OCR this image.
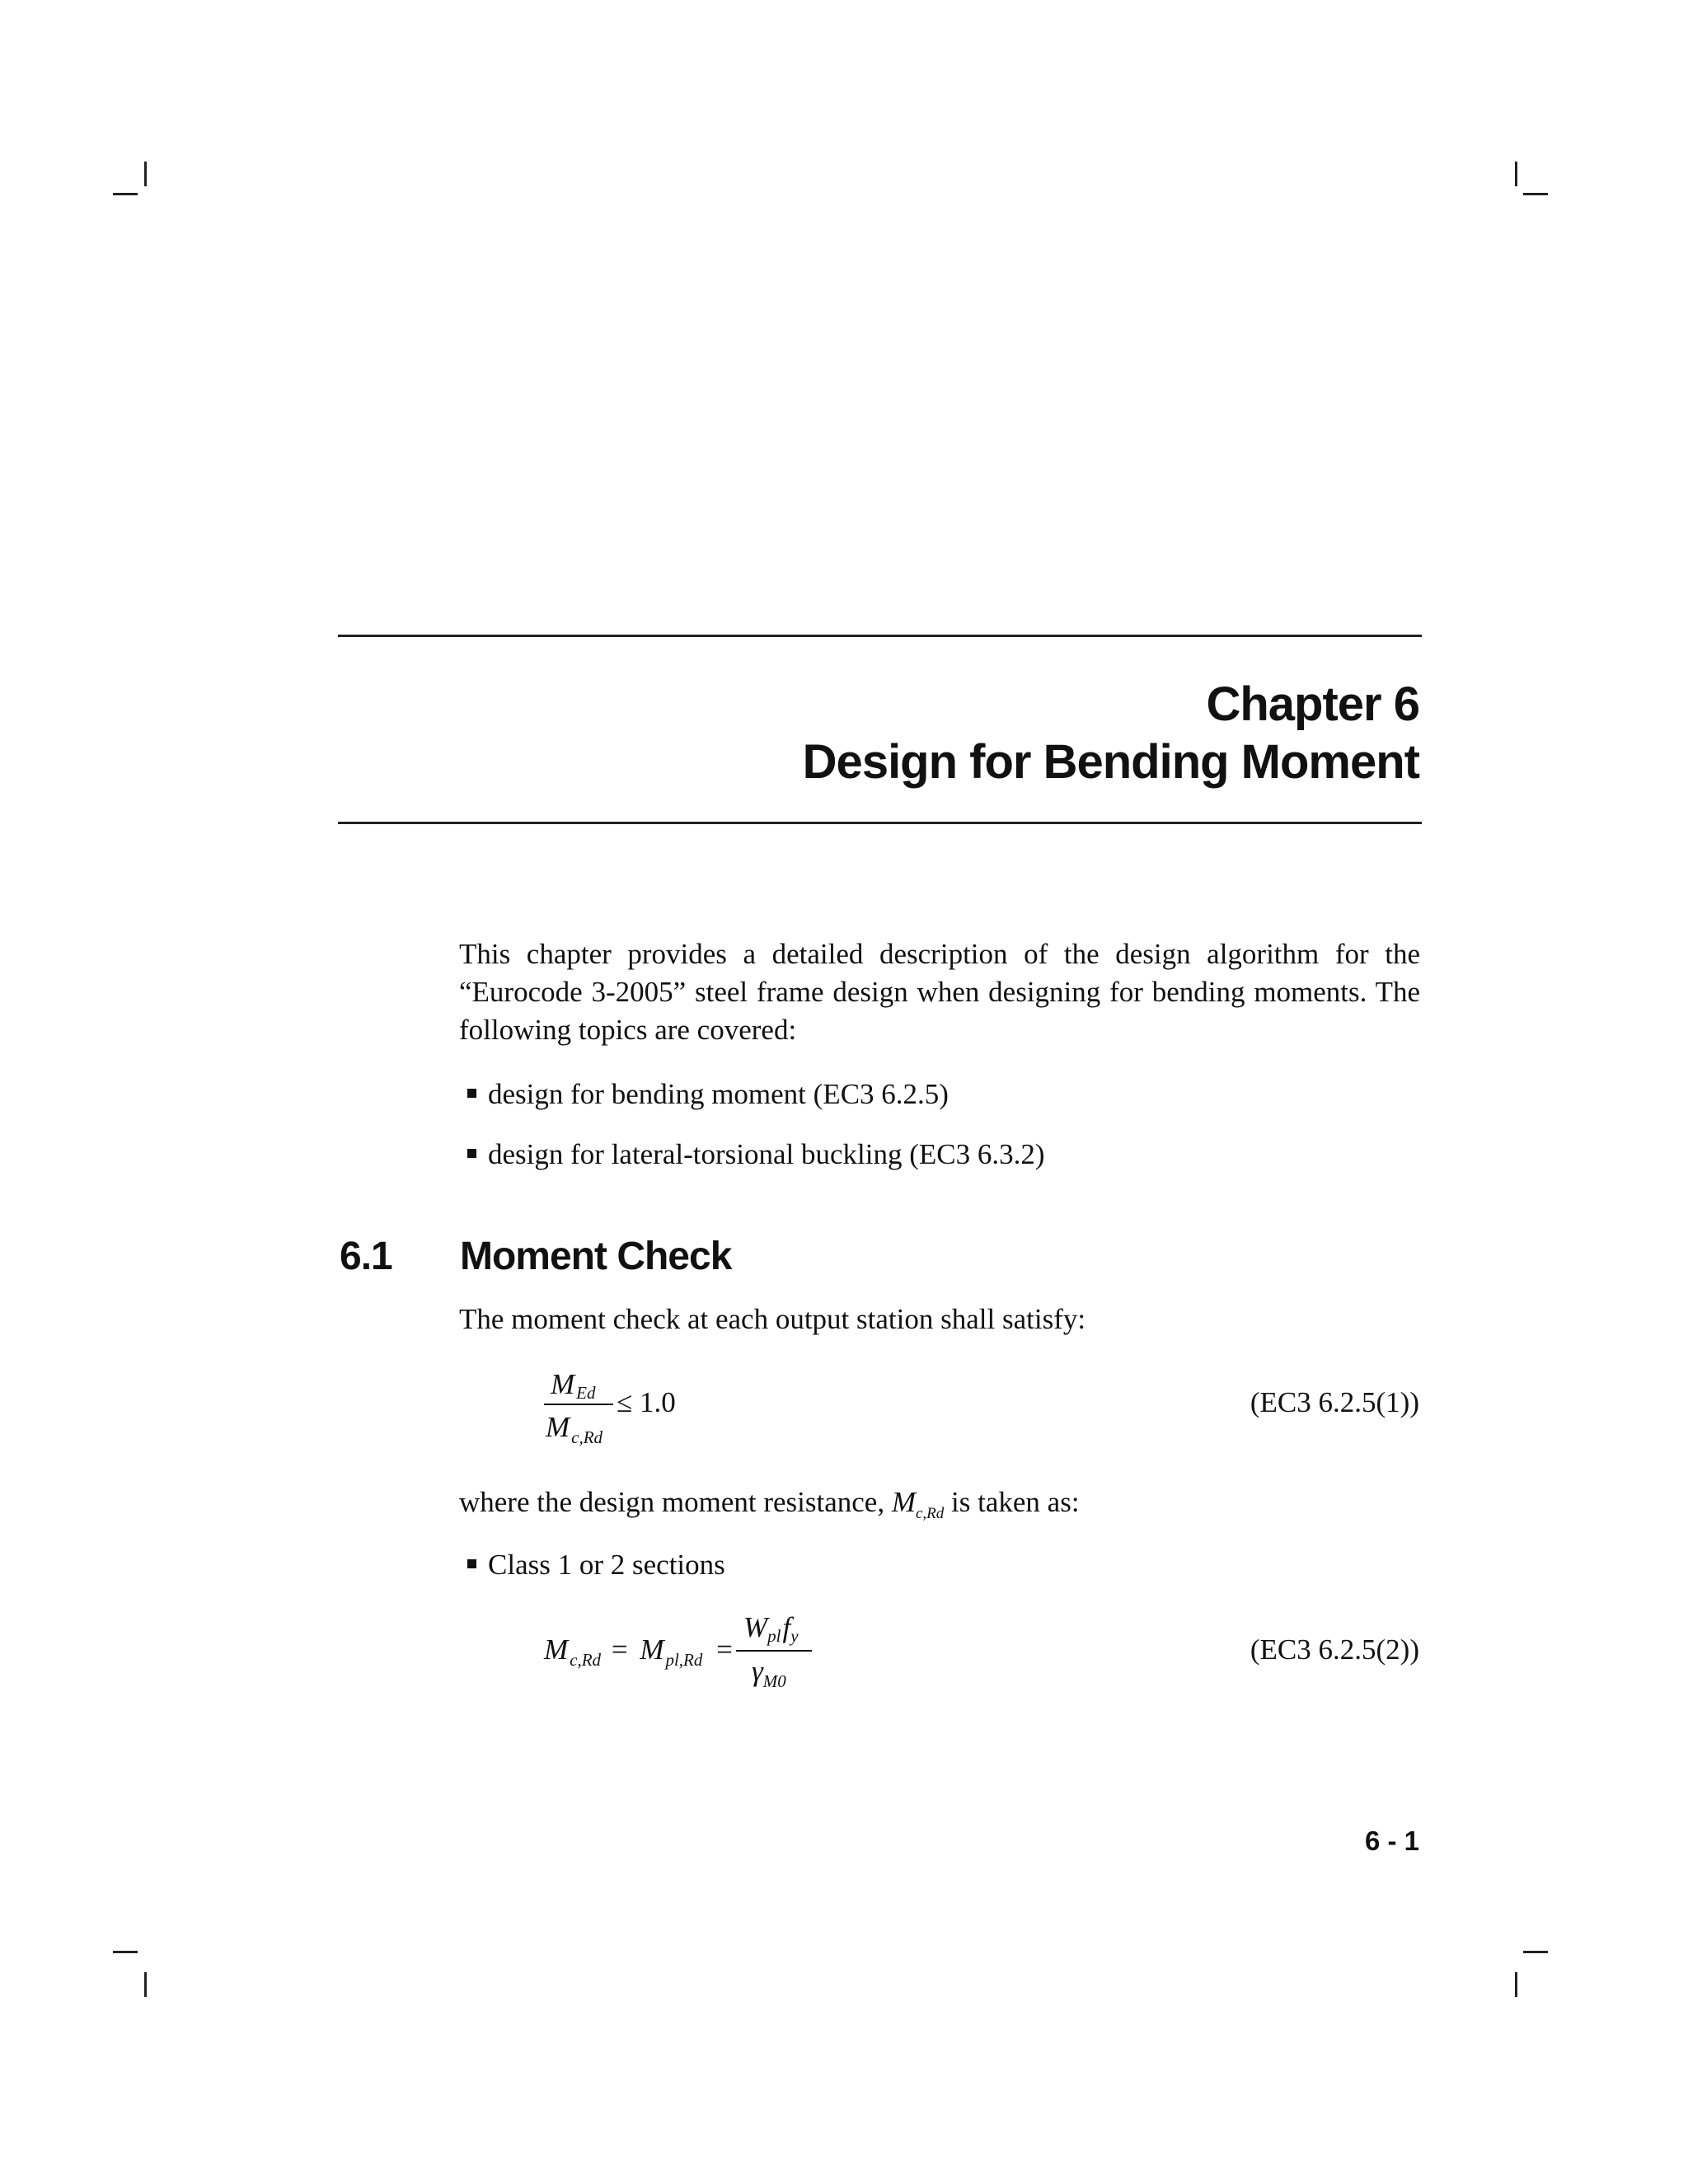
Chapter 6
Design for Bending Moment
This chapter provides a detailed description of the design algorithm for the “Eurocode 3-2005” steel frame design when designing for bending moments. The following topics are covered:
design for bending moment (EC3 6.2.5)
design for lateral-torsional buckling (EC3 6.3.2)
6.1 Moment Check
The moment check at each output station shall satisfy:
MEd ≤ 1.0
$M_{c,Rd}$
(EC3 6.2.5(1))
where the design moment resistance, $M_{c,Rd}$ is taken as:
Class 1 or 2 sections
$M_{c,Rd} = M_{pl,Rd}$ =
Wplfy
$\gamma_{M0}$
(EC3 6.2.5(2))
6 - 1
